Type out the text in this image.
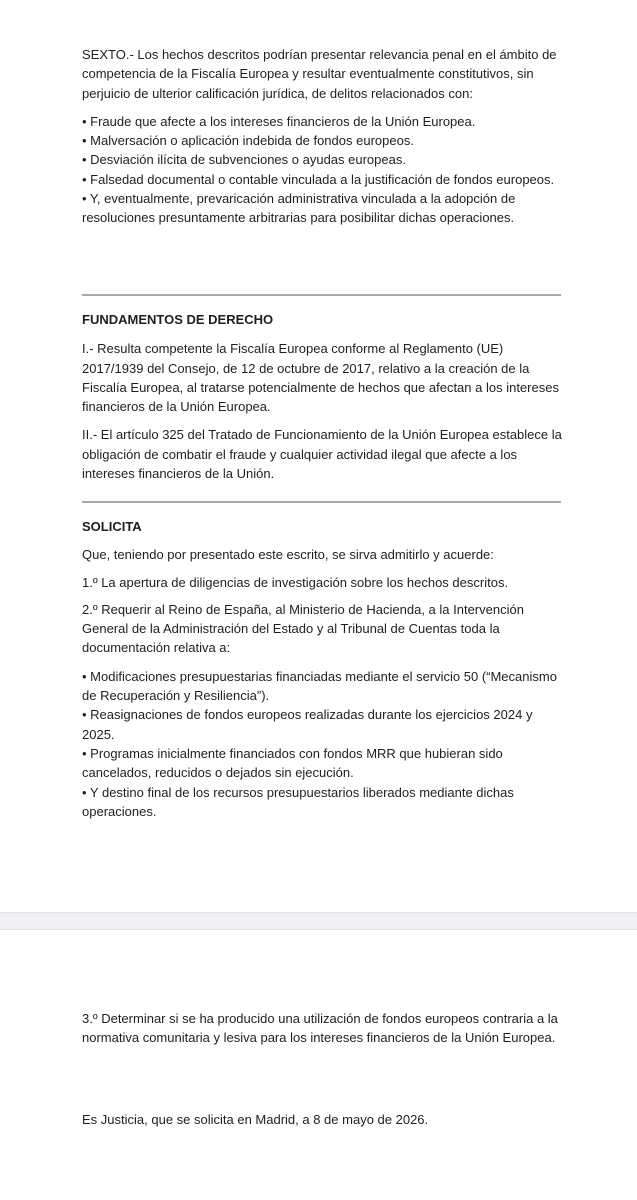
SEXTO.- Los hechos descritos podrían presentar relevancia penal en el ámbito de competencia de la Fiscalía Europea y resultar eventualmente constitutivos, sin perjuicio de ulterior calificación jurídica, de delitos relacionados con:

• Fraude que afecte a los intereses financieros de la Unión Europea.

• Malversación o aplicación indebida de fondos europeos.

• Desviación ilícita de subvenciones o ayudas europeas.

• Falsedad documental o contable vinculada a la justificación de fondos europeos.

• Y, eventualmente, prevaricación administrativa vinculada a la adopción de resoluciones presuntamente arbitrarias para posibilitar dichas operaciones.

FUNDAMENTOS DE DERECHO

I.- Resulta competente la Fiscalía Europea conforme al Reglamento (UE) 2017/1939 del Consejo, de 12 de octubre de 2017, relativo a la creación de la Fiscalía Europea, al tratarse potencialmente de hechos que afectan a los intereses financieros de la Unión Europea.

II.- El artículo 325 del Tratado de Funcionamiento de la Unión Europea establece la obligación de combatir el fraude y cualquier actividad ilegal que afecte a los intereses financieros de la Unión.

SOLICITA

Que, teniendo por presentado este escrito, se sirva admitirlo y acuerde:

1.º La apertura de diligencias de investigación sobre los hechos descritos.

2.º Requerir al Reino de España, al Ministerio de Hacienda, a la Intervención General de la Administración del Estado y al Tribunal de Cuentas toda la documentación relativa a:

• Modificaciones presupuestarias financiadas mediante el servicio 50 (“Mecanismo de Recuperación y Resiliencia”).

• Reasignaciones de fondos europeos realizadas durante los ejercicios 2024 y 2025.

• Programas inicialmente financiados con fondos MRR que hubieran sido cancelados, reducidos o dejados sin ejecución.

• Y destino final de los recursos presupuestarios liberados mediante dichas operaciones.

3.º Determinar si se ha producido una utilización de fondos europeos contraria a la normativa comunitaria y lesiva para los intereses financieros de la Unión Europea.

Es Justicia, que se solicita en Madrid, a 8 de mayo de 2026.
